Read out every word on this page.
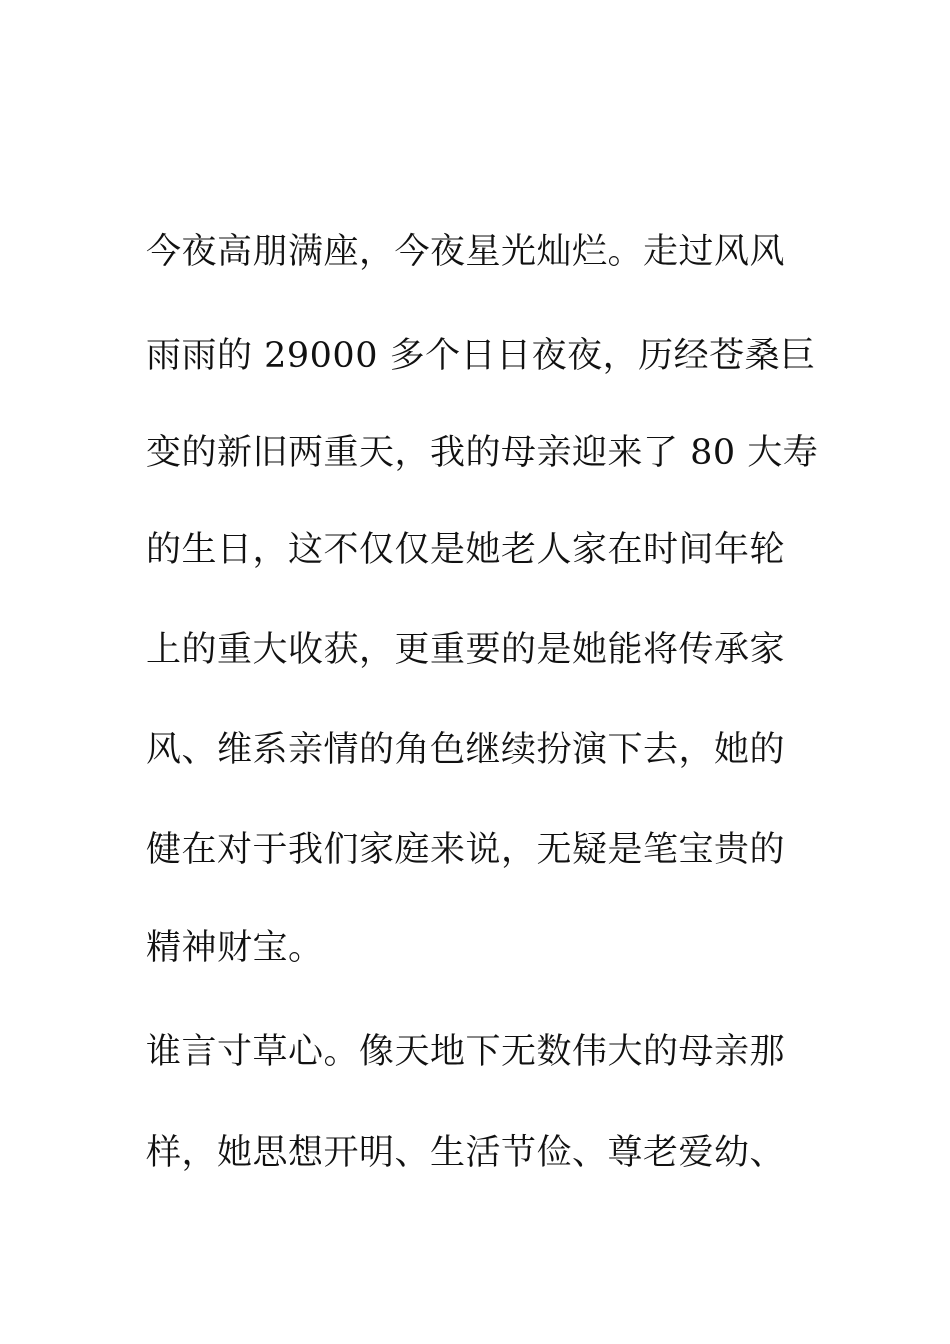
今夜高朋满座，今夜星光灿烂。走过风风
雨雨的 29000 多个日日夜夜，历经苍桑巨
变的新旧两重天，我的母亲迎来了 80 大寿
的生日，这不仅仅是她老人家在时间年轮
上的重大收获，更重要的是她能将传承家
风、维系亲情的角色继续扮演下去，她的
健在对于我们家庭来说，无疑是笔宝贵的
精神财宝。
谁言寸草心。像天地下无数伟大的母亲那
样，她思想开明、生活节俭、尊老爱幼、
